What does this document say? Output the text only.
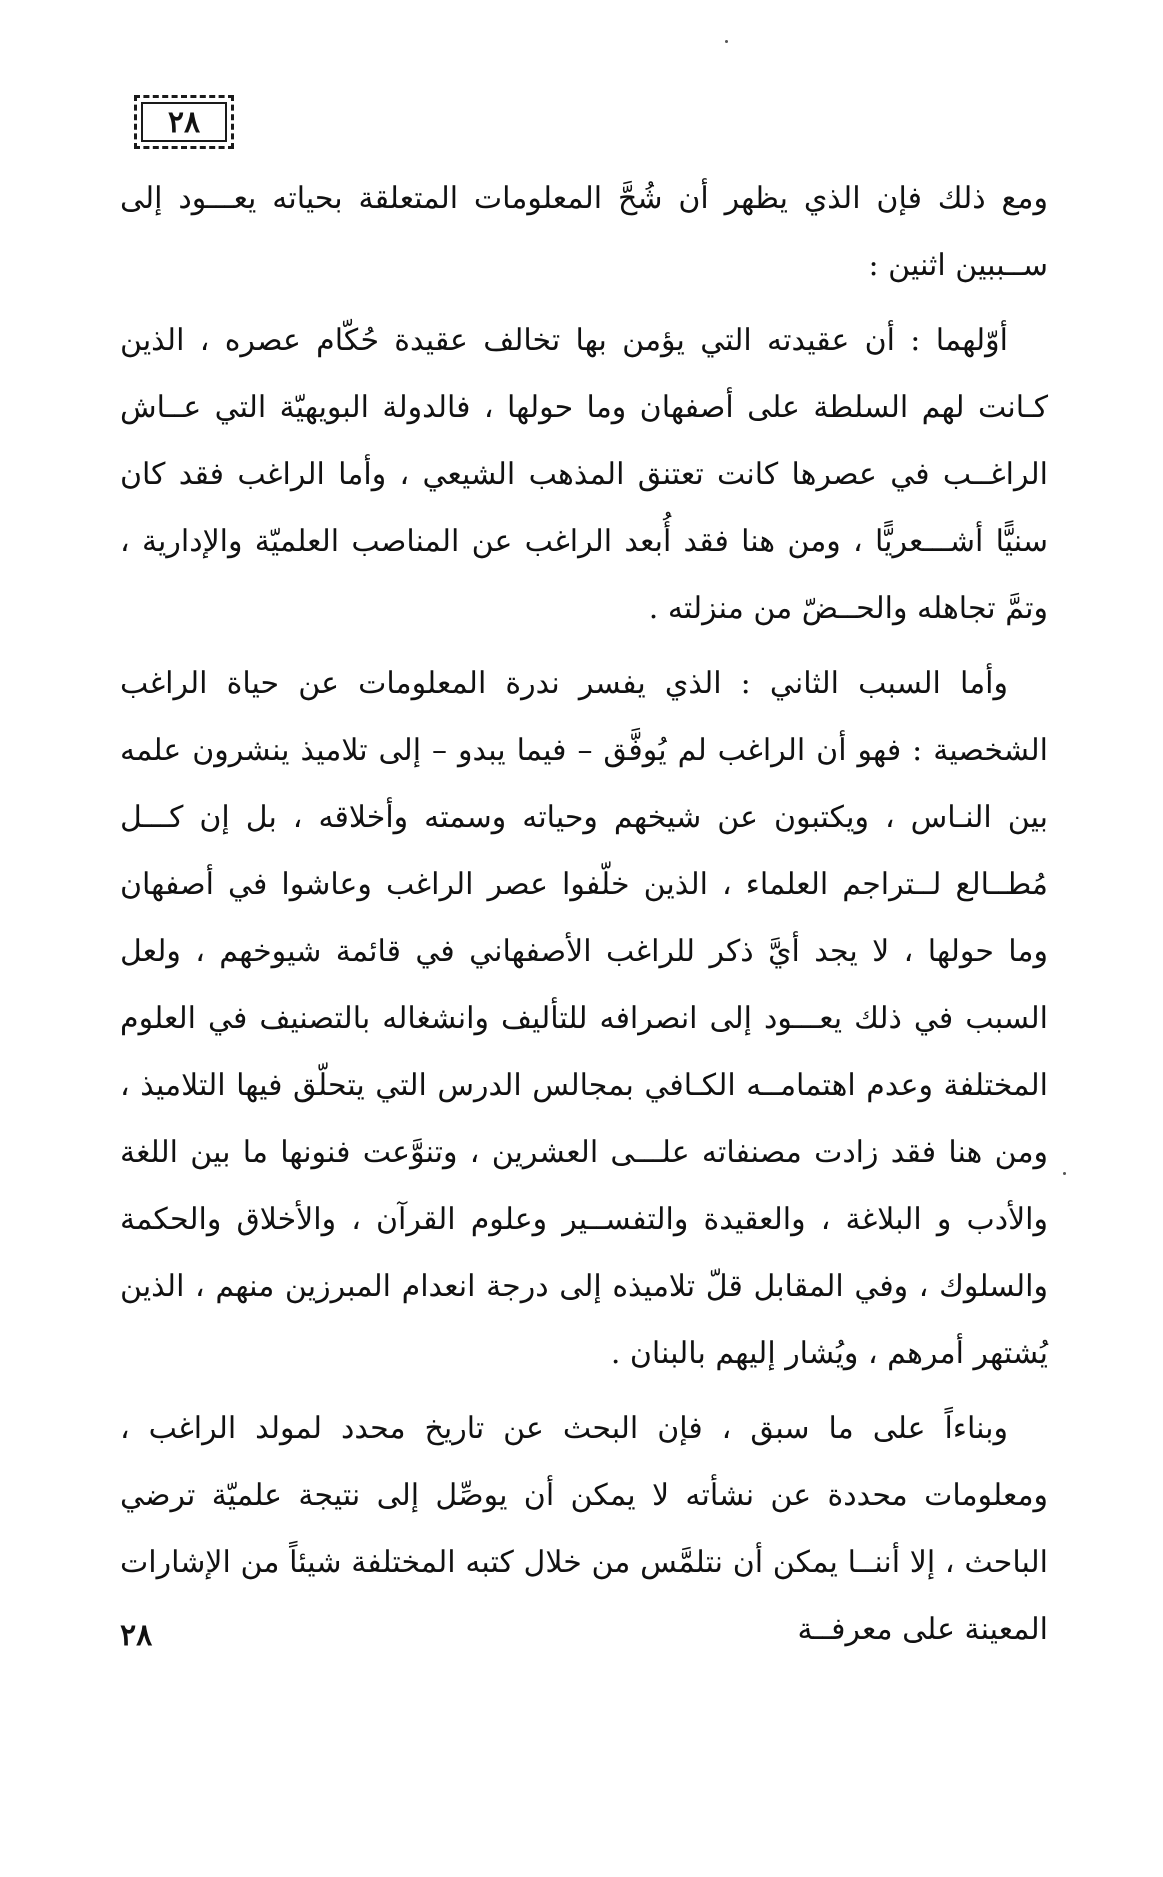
٢٨

ومع ذلك فإن الذي يظهر أن شُحَّ المعلومات المتعلقة بحياته يعـــود إلى ســببين اثنين :

أوّلهما : أن عقيدته التي يؤمن بها تخالف عقيدة حُكّام عصره ، الذين كـانت لهم السلطة على أصفهان وما حولها ، فالدولة البويهيّة التي عــاش الراغــب في عصرها كانت تعتنق المذهب الشيعي ، وأما الراغب فقد كان سنيًّا أشـــعريًّا ، ومن هنا فقد أُبعد الراغب عن المناصب العلميّة والإدارية ، وتمَّ تجاهله والحــضّ من منزلته .

وأما السبب الثاني : الذي يفسر ندرة المعلومات عن حياة الراغب الشخصية : فهو أن الراغب لم يُوفَّق – فيما يبدو – إلى تلاميذ ينشرون علمه بين النـاس ، ويكتبون عن شيخهم وحياته وسمته وأخلاقه ، بل إن كـــل مُطــالع لــتراجم العلماء ، الذين خلّفوا عصر الراغب وعاشوا في أصفهان وما حولها ، لا يجد أيَّ ذكر للراغب الأصفهاني في قائمة شيوخهم ، ولعل السبب في ذلك يعـــود إلى انصرافه للتأليف وانشغاله بالتصنيف في العلوم المختلفة وعدم اهتمامــه الكـافي بمجالس الدرس التي يتحلّق فيها التلاميذ ، ومن هنا فقد زادت مصنفاته علـــى العشرين ، وتنوَّعت فنونها ما بين اللغة والأدب و البلاغة ، والعقيدة والتفســير وعلوم القرآن ، والأخلاق والحكمة والسلوك ، وفي المقابل قلّ تلاميذه إلى درجة انعدام المبرزين منهم ، الذين يُشتهر أمرهم ، ويُشار إليهم بالبنان .

وبناءاً على ما سبق ، فإن البحث عن تاريخ محدد لمولد الراغب ، ومعلومات محددة عن نشأته لا يمكن أن يوصِّل إلى نتيجة علميّة ترضي الباحث ، إلا أننــا يمكن أن نتلمَّس من خلال كتبه المختلفة شيئاً من الإشارات المعينة على معرفــة

٢٨
